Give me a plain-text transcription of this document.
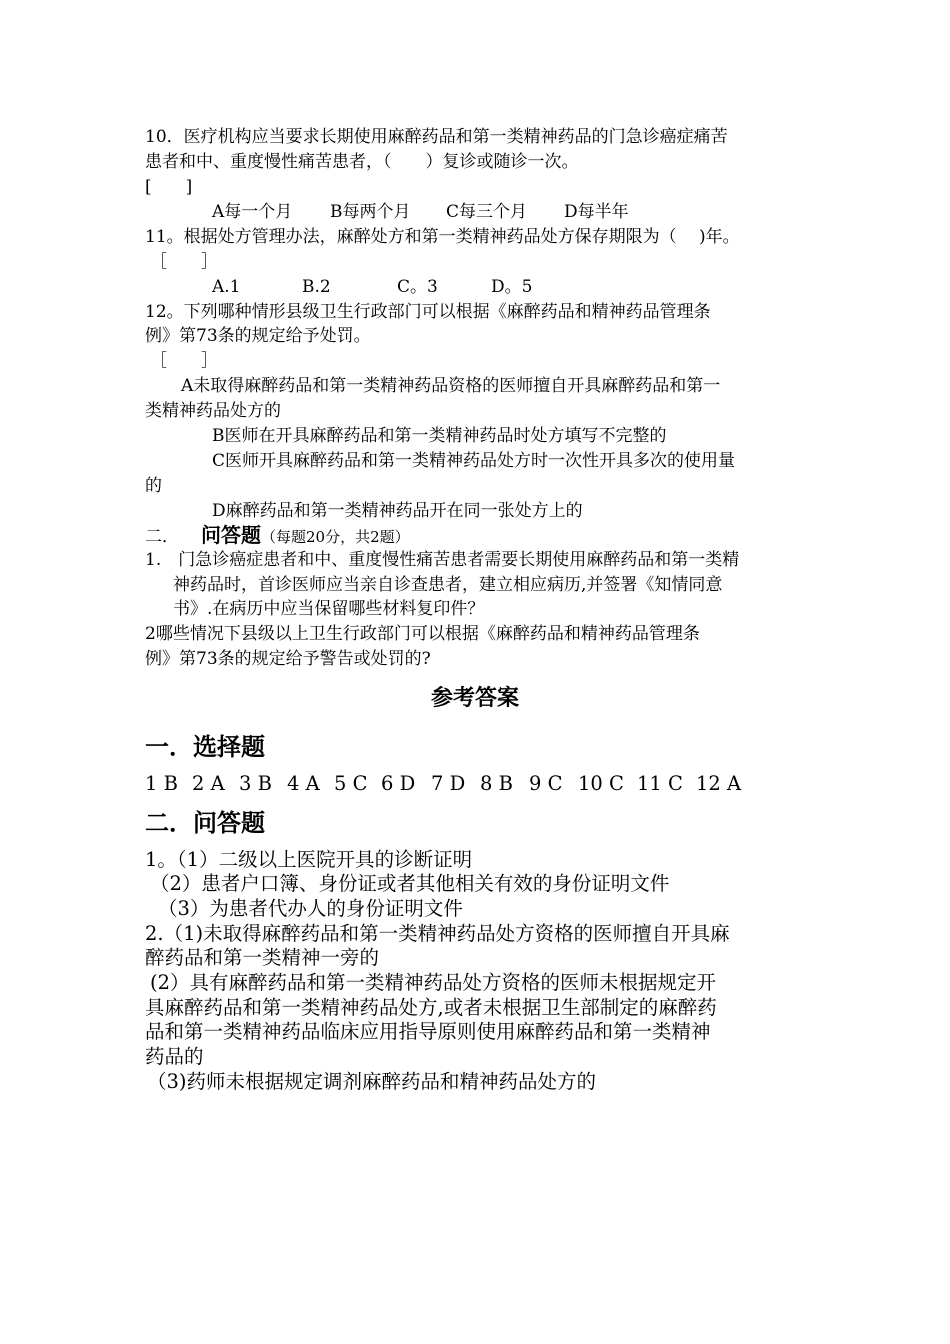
10．医疗机构应当要求长期使用麻醉药品和第一类精神药品的门急诊癌症痛苦
患者和中、重度慢性痛苦患者，（　　）复诊或随诊一次。
[　　]
A每一个月 B每两个月 C每三个月 D每半年
11。根据处方管理办法，麻醉处方和第一类精神药品处方保存期限为（　 )年。
［　　］
A.1	B.2	C。3	D。5
12。下列哪种情形县级卫生行政部门可以根据《麻醉药品和精神药品管理条
例》第73条的规定给予处罚。
［　　］
A未取得麻醉药品和第一类精神药品资格的医师擅自开具麻醉药品和第一
类精神药品处方的
B医师在开具麻醉药品和第一类精神药品时处方填写不完整的
C医师开具麻醉药品和第一类精神药品处方时一次性开具多次的使用量
的
D麻醉药品和第一类精神药品开在同一张处方上的
二． 问答题（每题20分，共2题）
1.　门急诊癌症患者和中、重度慢性痛苦患者需要长期使用麻醉药品和第一类精
神药品时，首诊医师应当亲自诊查患者，建立相应病历,并签署《知情同意
书》.在病历中应当保留哪些材料复印件？
2哪些情况下县级以上卫生行政部门可以根据《麻醉药品和精神药品管理条
例》第73条的规定给予警告或处罚的?
参考答案
一．选择题
1 B 2 A 3 B 4 A 5 C 6 D 7 D 8 B 9 C 10 C 11 C 12 A
二．问答题
1。（1）二级以上医院开具的诊断证明
（2）患者户口簿、身份证或者其他相关有效的身份证明文件
（3）为患者代办人的身份证明文件
2.（1)未取得麻醉药品和第一类精神药品处方资格的医师擅自开具麻
醉药品和第一类精神一旁的
(2）具有麻醉药品和第一类精神药品处方资格的医师未根据规定开
具麻醉药品和第一类精神药品处方,或者未根据卫生部制定的麻醉药
品和第一类精神药品临床应用指导原则使用麻醉药品和第一类精神
药品的
（3)药师未根据规定调剂麻醉药品和精神药品处方的
